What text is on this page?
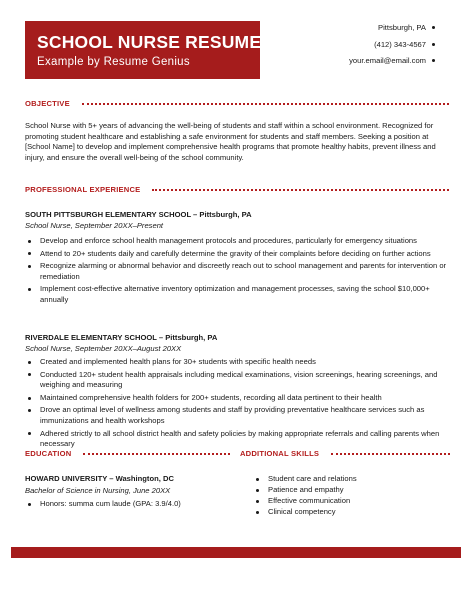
SCHOOL NURSE RESUME
Example by Resume Genius
Pittsburgh, PA
(412) 343-4567
your.email@email.com
OBJECTIVE
School Nurse with 5+ years of advancing the well-being of students and staff within a school environment. Recognized for promoting student healthcare and establishing a safe environment for students and staff members. Seeking a position at [School Name] to develop and implement comprehensive health programs that promote healthy habits, prevent illness and injury, and ensure the overall well-being of the school community.
PROFESSIONAL EXPERIENCE
SOUTH PITTSBURGH ELEMENTARY SCHOOL – Pittsburgh, PA
School Nurse, September 20XX–Present
Develop and enforce school health management protocols and procedures, particularly for emergency situations
Attend to 20+ students daily and carefully determine the gravity of their complaints before deciding on further actions
Recognize alarming or abnormal behavior and discreetly reach out to school management and parents for intervention or remediation
Implement cost-effective alternative inventory optimization and management processes, saving the school $10,000+ annually
RIVERDALE ELEMENTARY SCHOOL – Pittsburgh, PA
School Nurse, September 20XX–August 20XX
Created and implemented health plans for 30+ students with specific health needs
Conducted 120+ student health appraisals including medical examinations, vision screenings, hearing screenings, and weighing and measuring
Maintained comprehensive health folders for 200+ students, recording all data pertinent to their health
Drove an optimal level of wellness among students and staff by providing preventative healthcare services such as immunizations and health workshops
Adhered strictly to all school district health and safety policies by making appropriate referrals and calling parents when necessary
EDUCATION
HOWARD UNIVERSITY – Washington, DC
Bachelor of Science in Nursing, June 20XX
Honors: summa cum laude (GPA: 3.9/4.0)
ADDITIONAL SKILLS
Student care and relations
Patience and empathy
Effective communication
Clinical competency
